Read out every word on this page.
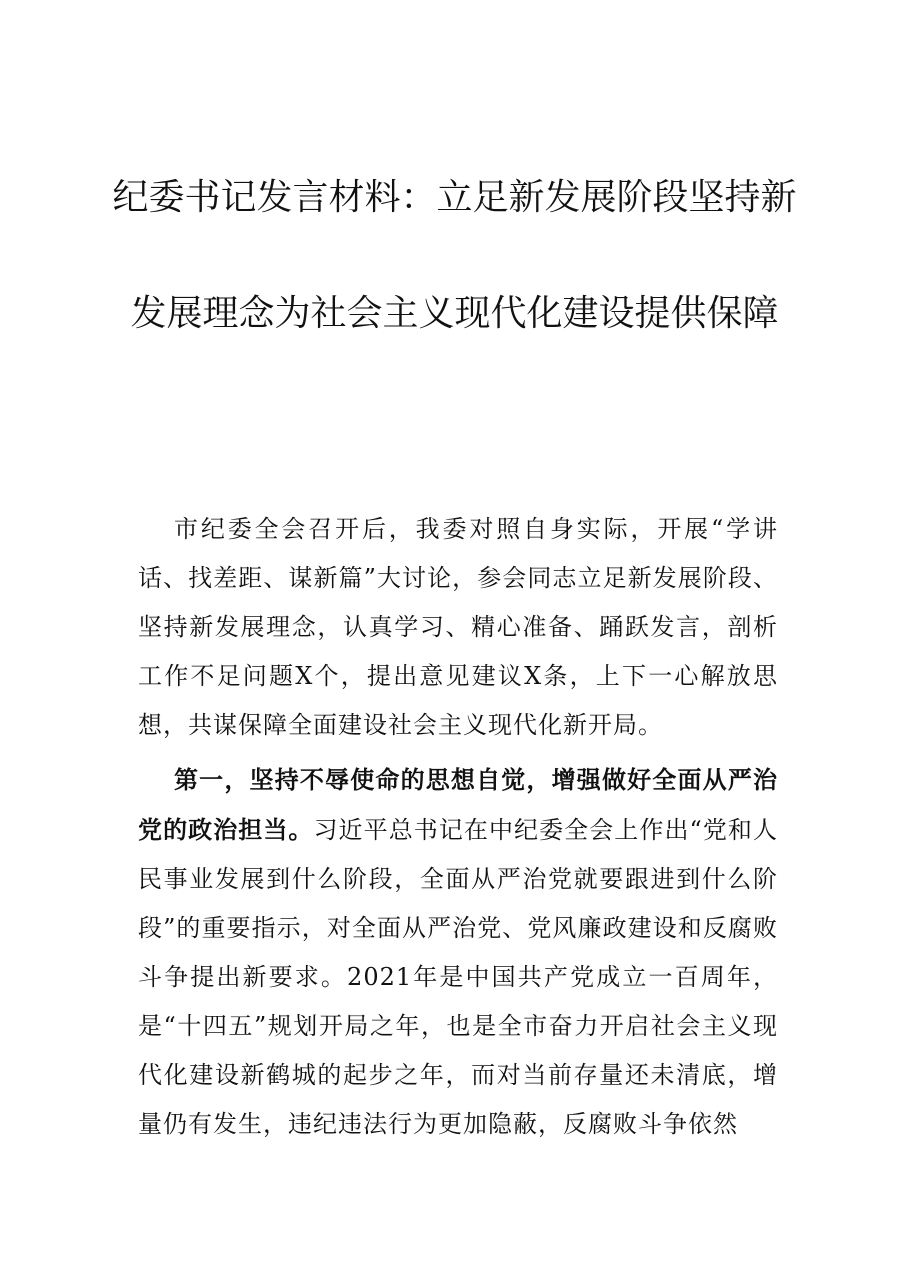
纪委书记发言材料：立足新发展阶段坚持新发展理念为社会主义现代化建设提供保障

市纪委全会召开后，我委对照自身实际，开展“学讲话、找差距、谋新篇”大讨论，参会同志立足新发展阶段、坚持新发展理念，认真学习、精心准备、踊跃发言，剖析工作不足问题X个，提出意见建议X条，上下一心解放思想，共谋保障全面建设社会主义现代化新开局。

第一，坚持不辱使命的思想自觉，增强做好全面从严治党的政治担当。习近平总书记在中纪委全会上作出“党和人民事业发展到什么阶段，全面从严治党就要跟进到什么阶段”的重要指示，对全面从严治党、党风廉政建设和反腐败斗争提出新要求。2021年是中国共产党成立一百周年，是“十四五”规划开局之年，也是全市奋力开启社会主义现代化建设新鹤城的起步之年，而对当前存量还未清底，增量仍有发生，违纪违法行为更加隐蔽，反腐败斗争依然
